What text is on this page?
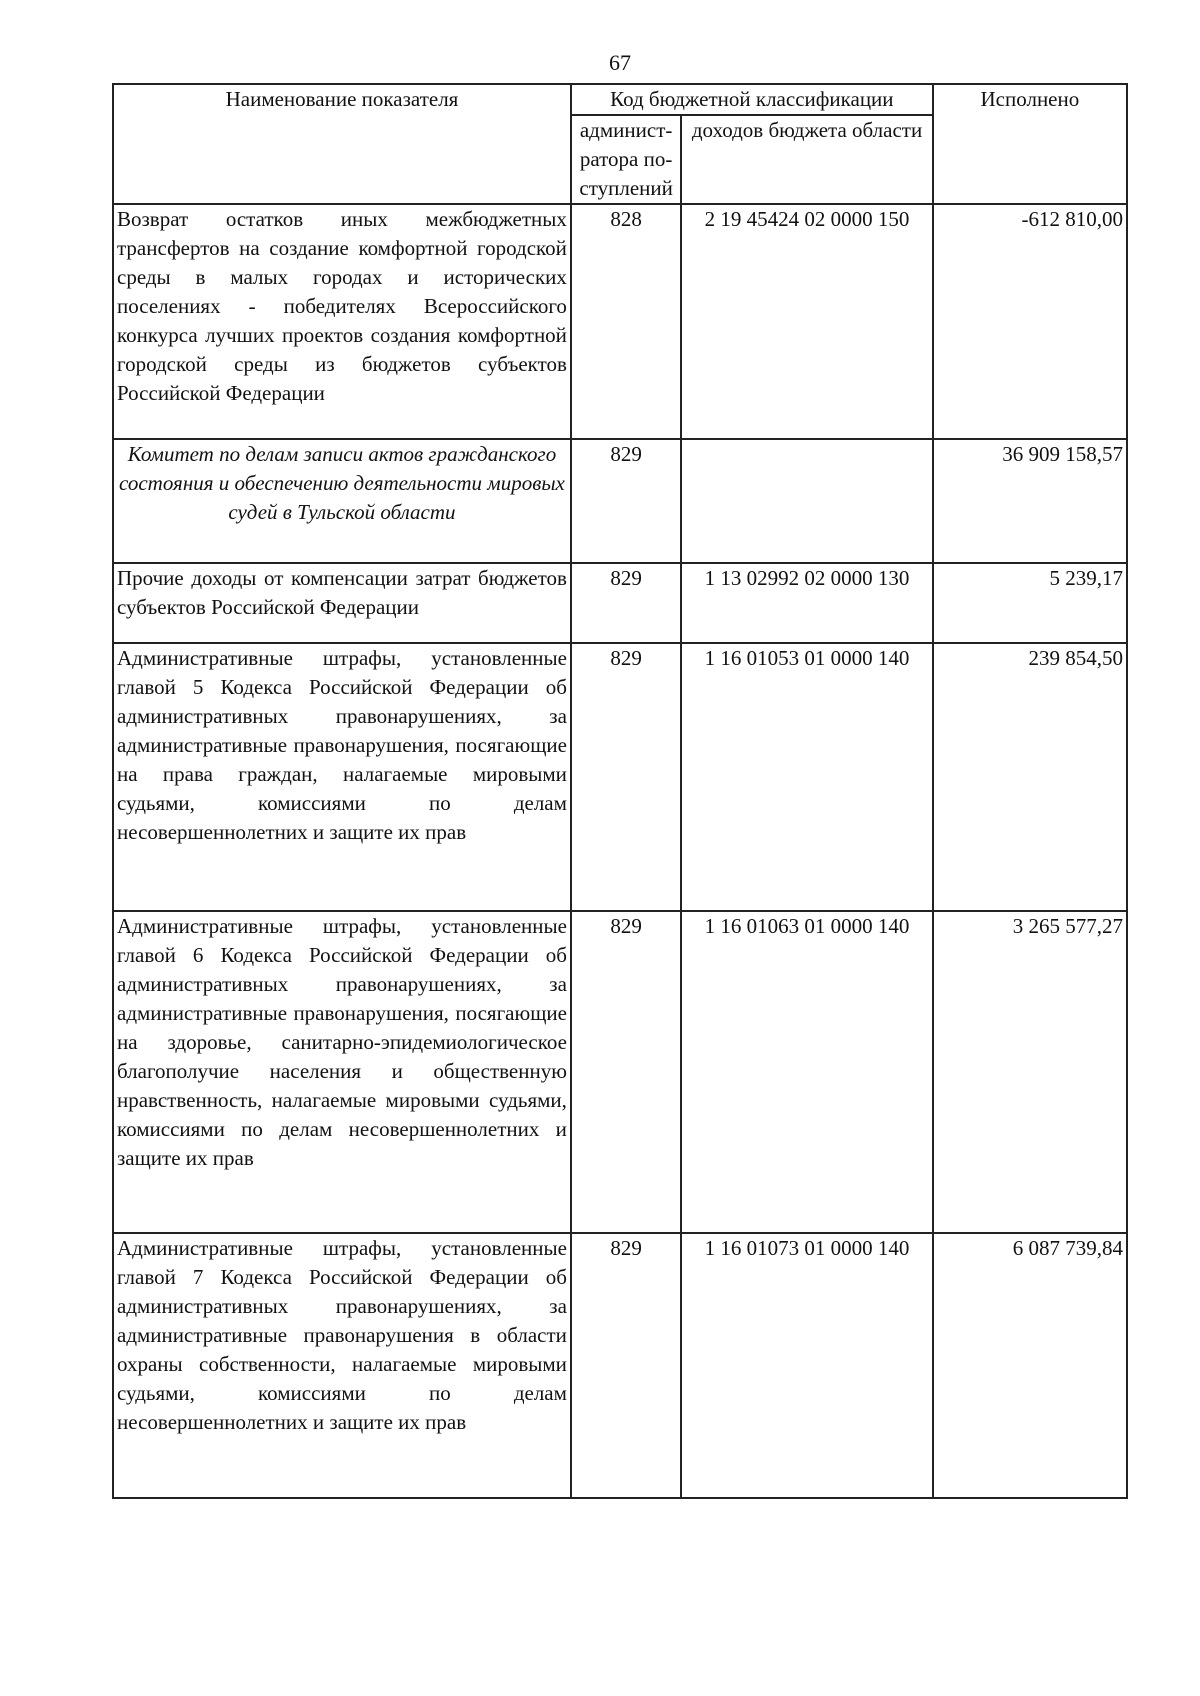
67
Наименование показателя	Код бюджетной классификации		Исполнено
	админист-ратора по-ступлений	доходов бюджета области	
Возврат остатков иных межбюджетных трансфертов на создание комфортной городской среды в малых городах и исторических поселениях - победителях Всероссийского конкурса лучших проектов создания комфортной городской среды из бюджетов субъектов Российской Федерации	828	2 19 45424 02 0000 150	-612 810,00
Комитет по делам записи актов гражданского состояния и обеспечению деятельности мировых судей в Тульской области	829		36 909 158,57
Прочие доходы от компенсации затрат бюджетов субъектов Российской Федерации	829	1 13 02992 02 0000 130	5 239,17
Административные штрафы, установленные главой 5 Кодекса Российской Федерации об административных правонарушениях, за административные правонарушения, посягающие на права граждан, налагаемые мировыми судьями, комиссиями по делам несовершеннолетних и защите их прав	829	1 16 01053 01 0000 140	239 854,50
Административные штрафы, установленные главой 6 Кодекса Российской Федерации об административных правонарушениях, за административные правонарушения, посягающие на здоровье, санитарно-эпидемиологическое благополучие населения и общественную нравственность, налагаемые мировыми судьями, комиссиями по делам несовершеннолетних и защите их прав	829	1 16 01063 01 0000 140	3 265 577,27
Административные штрафы, установленные главой 7 Кодекса Российской Федерации об административных правонарушениях, за административные правонарушения в области охраны собственности, налагаемые мировыми судьями, комиссиями по делам несовершеннолетних и защите их прав	829	1 16 01073 01 0000 140	6 087 739,84
